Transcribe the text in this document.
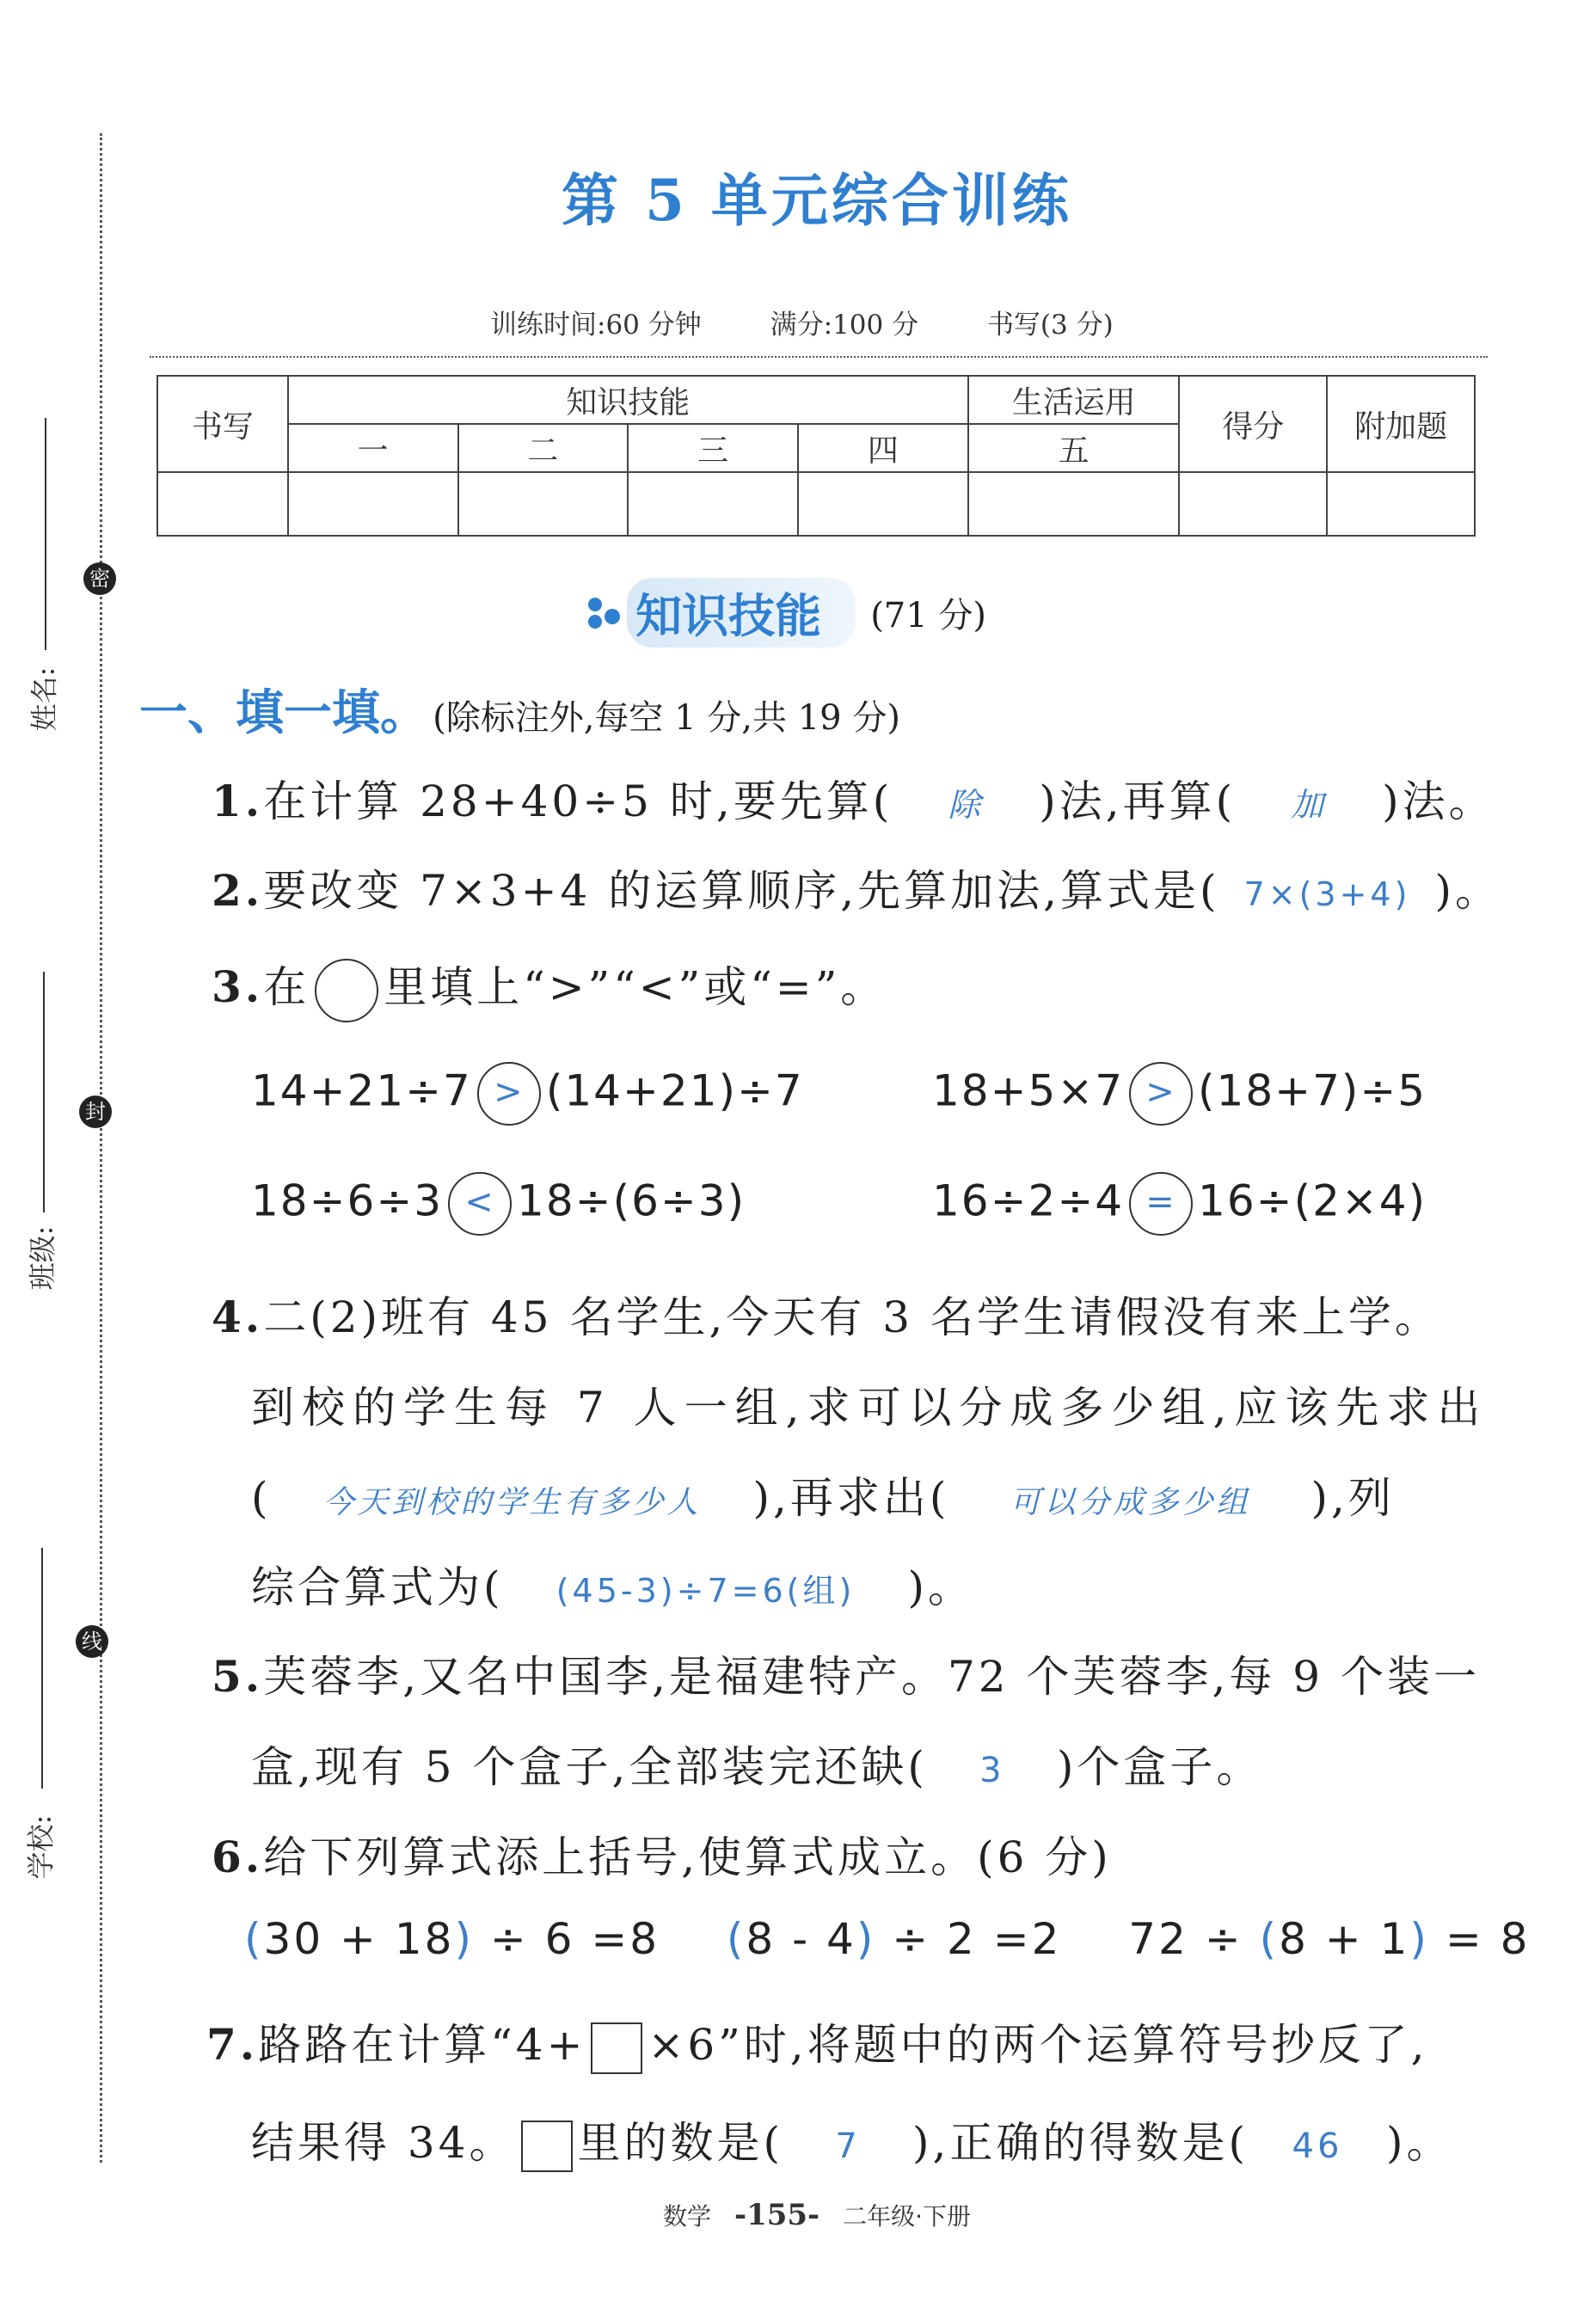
密
封
线
姓名:
班级:
学校:
第 5 单元综合训练
训练时间:60 分钟	满分:100 分	书写(3 分)
书写	知识技能				生活运用	得分	附加题
	一	二	三	四	五		

知识技能 (71 分)
一、填一填。 (除标注外,每空 1 分,共 19 分)
1.在计算 28+40÷5 时,要先算( 除 )法,再算( 加 )法。
2.要改变 7×3+4 的运算顺序,先算加法,算式是( 7×(3+4) )。
3.在 里填上“>”“<”或“=”。
14+21÷7 > (14+21)÷7	18+5×7 > (18+7)÷5
18÷6÷3 < 18÷(6÷3)	16÷2÷4 = 16÷(2×4)
4.二(2)班有 45 名学生,今天有 3 名学生请假没有来上学。
到校的学生每 7 人一组,求可以分成多少组,应该先求出
( 今天到校的学生有多少人 ),再求出( 可以分成多少组 ),列
综合算式为( (45-3)÷7=6(组) )。
5.芙蓉李,又名中国李,是福建特产。72 个芙蓉李,每 9 个装一
盒,现有 5 个盒子,全部装完还缺( 3 )个盒子。
6.给下列算式添上括号,使算式成立。(6 分)
(30 + 18) ÷ 6 =8 (8 - 4) ÷ 2 =2 72 ÷ (8 + 1) = 8
7.路路在计算“4+ ×6”时,将题中的两个运算符号抄反了,
结果得 34。 里的数是( 7 ),正确的得数是( 46 )。
数学 -155- 二年级·下册
